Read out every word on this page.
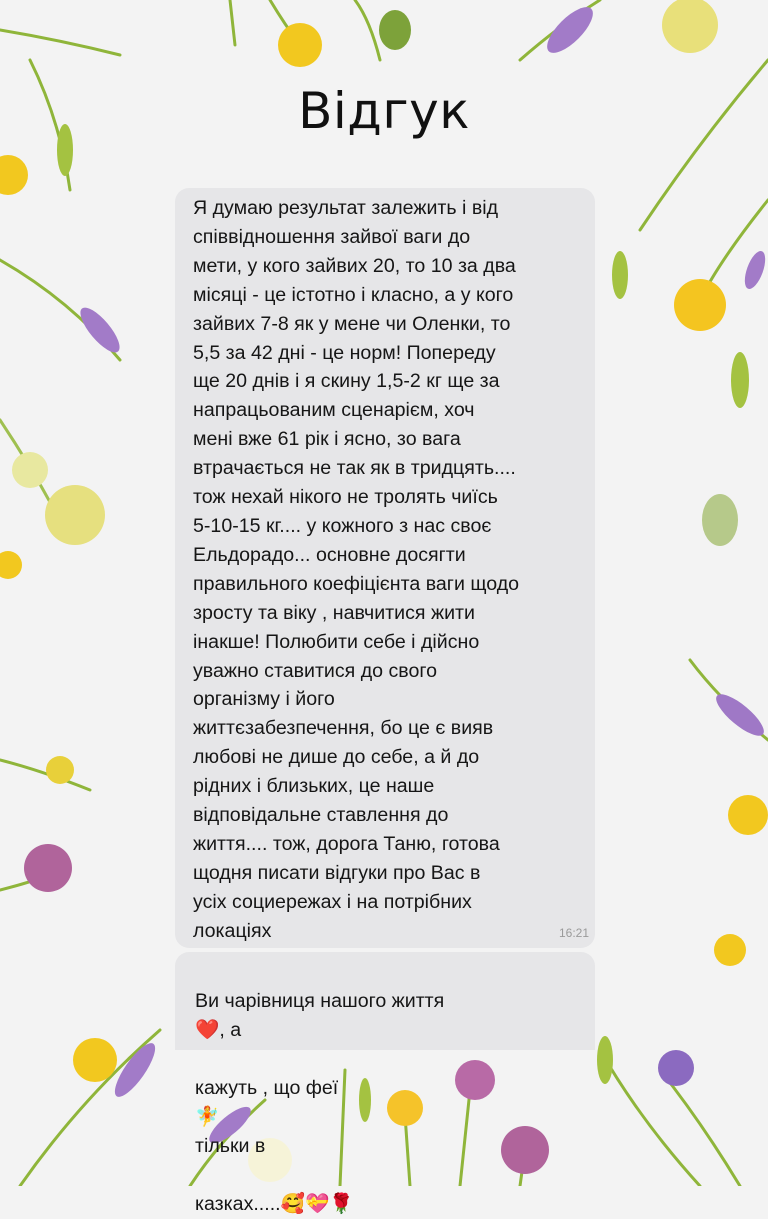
Відгук

Я думаю результат залежить і від
співвідношення зайвої ваги до
мети, у кого зайвих 20, то 10 за два
місяці - це істотно і класно, а у кого
зайвих 7-8 як у мене чи Оленки, то
5,5 за 42 дні - це норм! Попереду
ще 20 днів і я скину 1,5-2 кг ще за
напрацьованим сценарієм, хоч
мені вже 61 рік і ясно, зо вага
втрачається не так як в тридцять....
тож нехай нікого не тролять чиїсь
5-10-15 кг.... у кожного з нас своє
Ельдорадо... основне досягти
правильного коефіцієнта ваги щодо
зросту та віку , навчитися жити
інакше! Полюбити себе і дійсно
уважно ставитися до свого
організму і його
життєзабезпечення, бо це є вияв
любові не дише до себе, а й до
рідних і близьких, це наше
відповідальне ставлення до
життя.... тож, дорога Таню, готова
щодня писати відгуки про Вас в
усіх социережах і на потрібних
локаціях	16:21

Ви чарівниця нашого життя
❤️, а

кажуть , що феї
🧚
тільки в

казках.....🥰💝🌹
